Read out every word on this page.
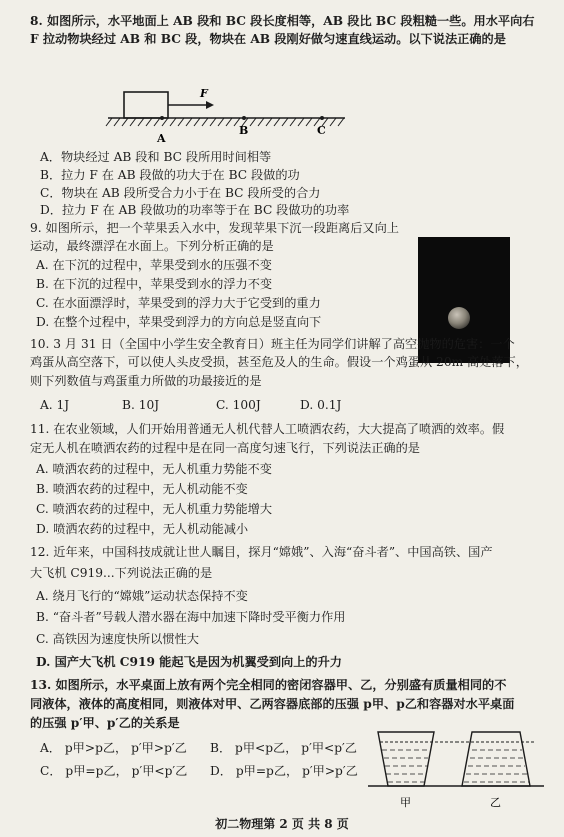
8. 如图所示，水平地面上 AB 段和 BC 段长度相等，AB 段比 BC 段粗糙一些。用水平向右
F 拉动物块经过 AB 和 BC 段，物块在 AB 段刚好做匀速直线运动。以下说法正确的是
F
A
B	C
A．物块经过 AB 段和 BC 段所用时间相等
B．拉力 F 在 AB 段做的功大于在 BC 段做的功
C．物块在 AB 段所受合力小于在 BC 段所受的合力
D．拉力 F 在 AB 段做功的功率等于在 BC 段做功的功率
9. 如图所示，把一个苹果丢入水中，发现苹果下沉一段距离后又向上
运动，最终漂浮在水面上。下列分析正确的是
A. 在下沉的过程中，苹果受到水的压强不变
B. 在下沉的过程中，苹果受到水的浮力不变
C. 在水面漂浮时，苹果受到的浮力大于它受到的重力
D. 在整个过程中，苹果受到浮力的方向总是竖直向下
10. 3 月 31 日（全国中小学生安全教育日）班主任为同学们讲解了高空抛物的危害：一个
鸡蛋从高空落下，可以使人头皮受损，甚至危及人的生命。假设一个鸡蛋从 20m 高处落下，
则下列数值与鸡蛋重力所做的功最接近的是
A. 1J	B. 10J	C. 100J	D. 0.1J
11. 在农业领域，人们开始用普通无人机代替人工喷洒农药，大大提高了喷洒的效率。假
定无人机在喷洒农药的过程中是在同一高度匀速飞行，下列说法正确的是
A. 喷洒农药的过程中，无人机重力势能不变
B. 喷洒农药的过程中，无人机动能不变
C. 喷洒农药的过程中，无人机重力势能增大
D. 喷洒农药的过程中，无人机动能减小
12. 近年来，中国科技成就让世人瞩目，探月“嫦娥”、入海“奋斗者”、中国高铁、国产
大飞机 C919...下列说法正确的是
A. 绕月飞行的“嫦娥”运动状态保持不变
B. “奋斗者”号载人潜水器在海中加速下降时受平衡力作用
C. 高铁因为速度快所以惯性大
D. 国产大飞机 C919 能起飞是因为机翼受到向上的升力
13. 如图所示，水平桌面上放有两个完全相同的密闭容器甲、乙，分别盛有质量相同的不
同液体，液体的高度相同，则液体对甲、乙两容器底部的压强 p甲、p乙和容器对水平桌面
的压强 p′甲、p′乙的关系是
A． p甲>p乙， p′甲>p′乙 B． p甲<p乙， p′甲<p′乙
C． p甲=p乙， p′甲<p′乙 D． p甲=p乙， p′甲>p′乙
甲	乙
初二物理第 2 页 共 8 页
